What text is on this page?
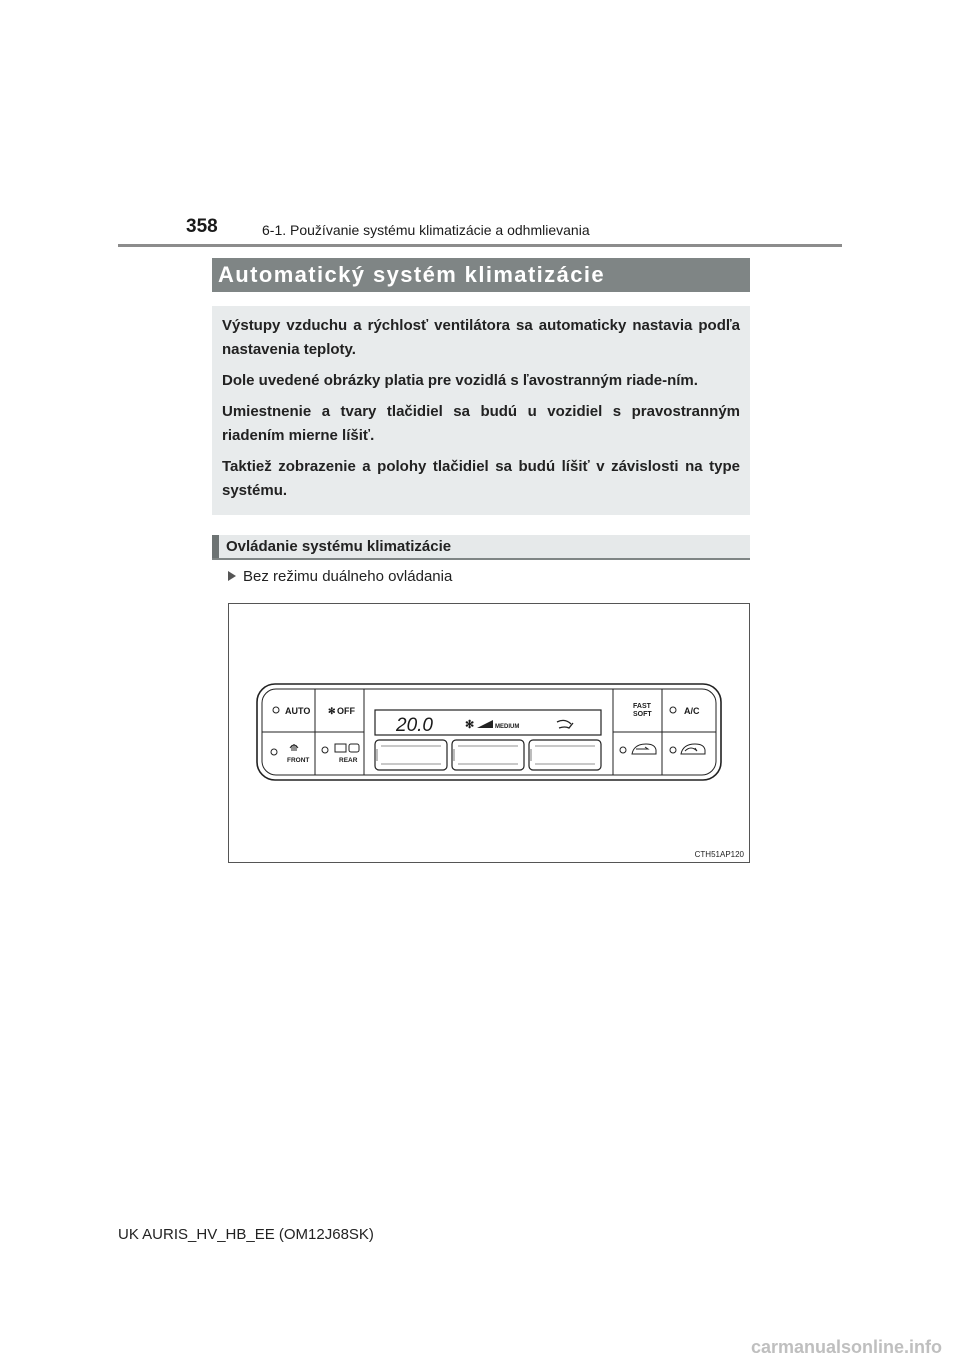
358	6-1. Používanie systému klimatizácie a odhmlievania
Automatický systém klimatizácie

Výstupy vzduchu a rýchlosť ventilátora sa automaticky nastavia podľa nastavenia teploty.

Dole uvedené obrázky platia pre vozidlá s ľavostranným riade-ním.

Umiestnenie a tvary tlačidiel sa budú u vozidiel s pravostranným riadením mierne líšiť.

Taktiež zobrazenie a polohy tlačidiel sa budú líšiť v závislosti na type systému.

Ovládanie systému klimatizácie
Bez režimu duálneho ovládania
AUTO ✻ OFF
FRONT	REAR
20.0	✻	MEDIUM
FAST
SOFT	A/C
CTH51AP120
UK AURIS_HV_HB_EE (OM12J68SK)
carmanualsonline.info
